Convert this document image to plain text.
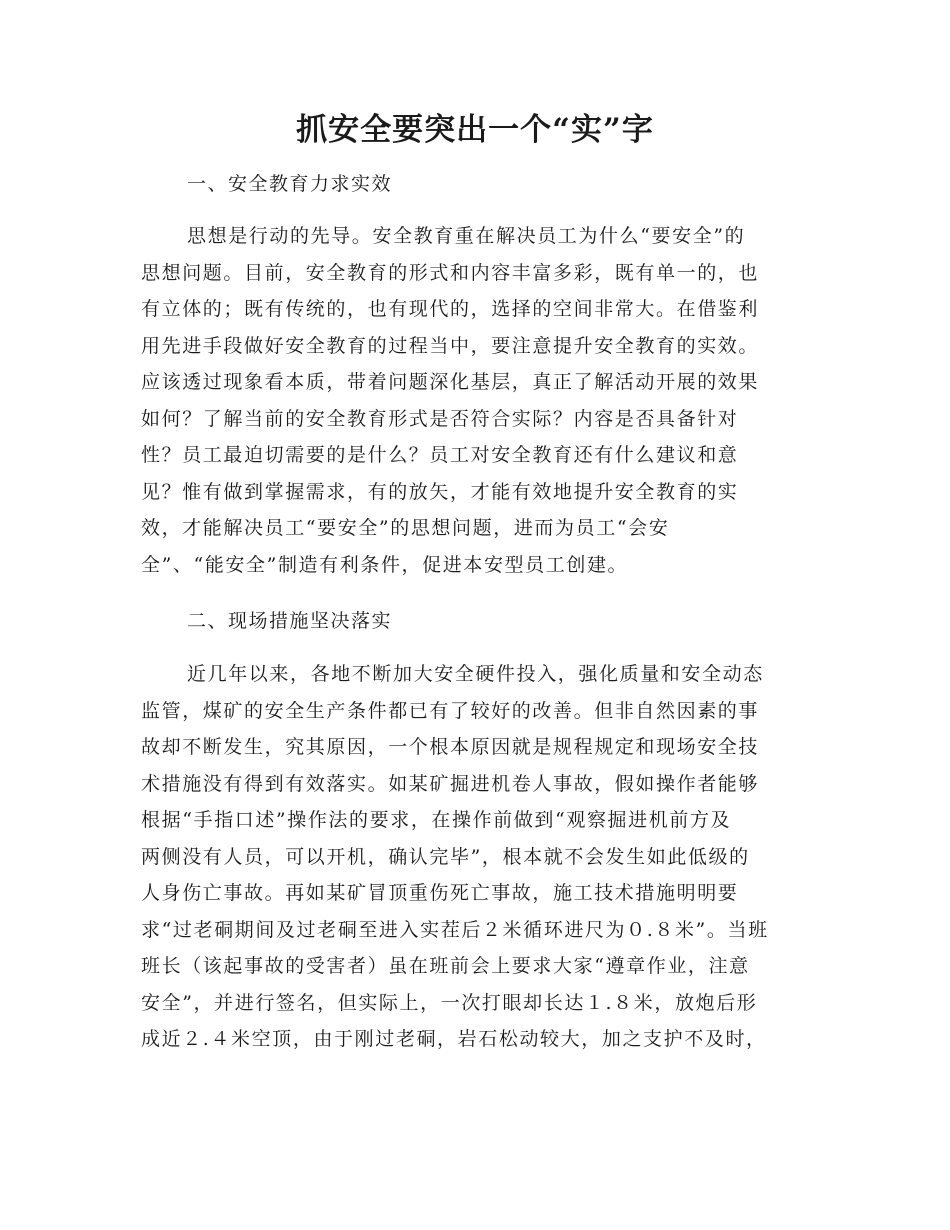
抓安全要突出一个“实”字
一、安全教育力求实效
思想是行动的先导。安全教育重在解决员工为什么“要安全”的
思想问题。目前，安全教育的形式和内容丰富多彩，既有单一的，也
有立体的；既有传统的，也有现代的，选择的空间非常大。在借鉴利
用先进手段做好安全教育的过程当中，要注意提升安全教育的实效。
应该透过现象看本质，带着问题深化基层，真正了解活动开展的效果
如何？了解当前的安全教育形式是否符合实际？内容是否具备针对
性？员工最迫切需要的是什么？员工对安全教育还有什么建议和意
见？惟有做到掌握需求，有的放矢，才能有效地提升安全教育的实
效，才能解决员工“要安全”的思想问题，进而为员工“会安
全”、“能安全”制造有利条件，促进本安型员工创建。
二、现场措施坚决落实
近几年以来，各地不断加大安全硬件投入，强化质量和安全动态
监管，煤矿的安全生产条件都已有了较好的改善。但非自然因素的事
故却不断发生，究其原因，一个根本原因就是规程规定和现场安全技
术措施没有得到有效落实。如某矿掘进机卷人事故，假如操作者能够
根据“手指口述”操作法的要求，在操作前做到“观察掘进机前方及
两侧没有人员，可以开机，确认完毕”，根本就不会发生如此低级的
人身伤亡事故。再如某矿冒顶重伤死亡事故，施工技术措施明明要
求“过老硐期间及过老硐至进入实茬后２米循环进尺为０.８米”。当班
班长（该起事故的受害者）虽在班前会上要求大家“遵章作业，注意
安全”，并进行签名，但实际上，一次打眼却长达１.８米，放炮后形
成近２.４米空顶，由于刚过老硐，岩石松动较大，加之支护不及时，
